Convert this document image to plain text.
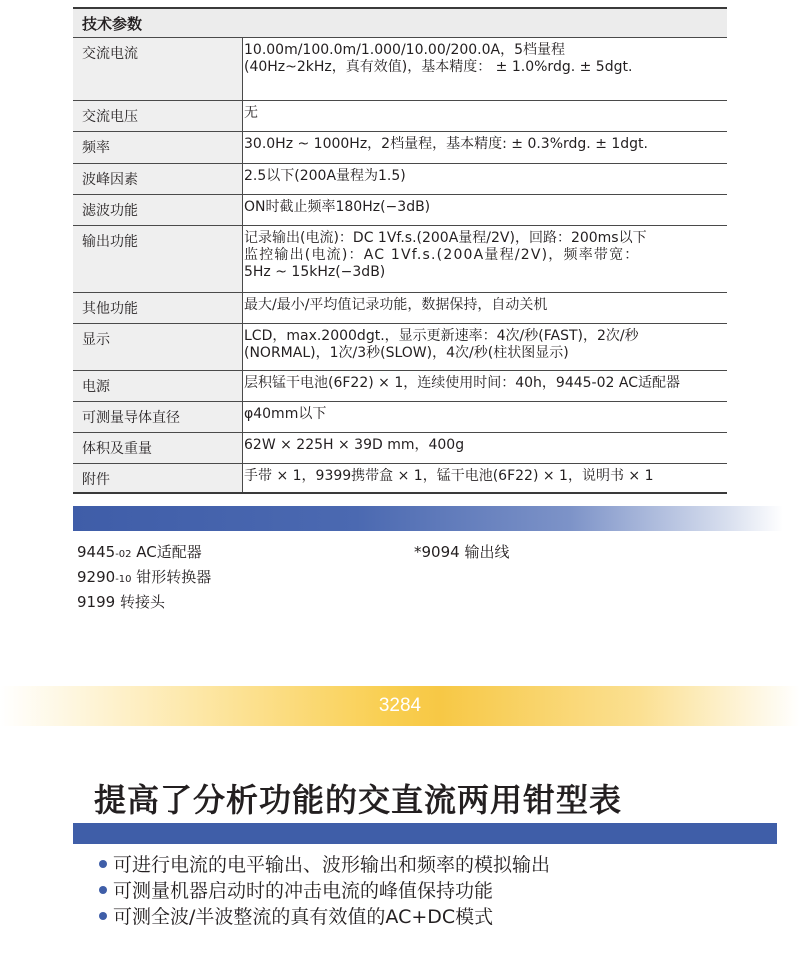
技术参数
交流电流	10.00m/100.0m/1.000/10.00/200.0A，5档量程
(40Hz~2kHz，真有效值)，基本精度： ± 1.0%rdg. ± 5dgt.
交流电压	无
频率	30.0Hz ~ 1000Hz，2档量程，基本精度: ± 0.3%rdg. ± 1dgt.
波峰因素	2.5以下(200A量程为1.5)
滤波功能	ON时截止频率180Hz(−3dB)
输出功能	记录输出(电流)：DC 1Vf.s.(200A量程/2V)，回路：200ms以下
监控输出(电流)：AC 1Vf.s.(200A量程/2V)，频率带宽：
5Hz ~ 15kHz(−3dB)
其他功能	最大/最小/平均值记录功能，数据保持，自动关机
显示	LCD，max.2000dgt.，显示更新速率：4次/秒(FAST)，2次/秒
(NORMAL)，1次/3秒(SLOW)，4次/秒(柱状图显示)
电源	层积锰干电池(6F22) × 1，连续使用时间：40h，9445-02 AC适配器
可测量导体直径	φ40mm以下
体积及重量	62W × 225H × 39D mm，400g
附件	手带 × 1，9399携带盒 × 1，锰干电池(6F22) × 1，说明书 × 1
9445-02 AC适配器
9290-10 钳形转换器
9199 转接头
*9094 输出线
3284
提高了分析功能的交直流两用钳型表
可进行电流的电平输出、波形输出和频率的模拟输出
可测量机器启动时的冲击电流的峰值保持功能
可测全波/半波整流的真有效值的AC+DC模式
